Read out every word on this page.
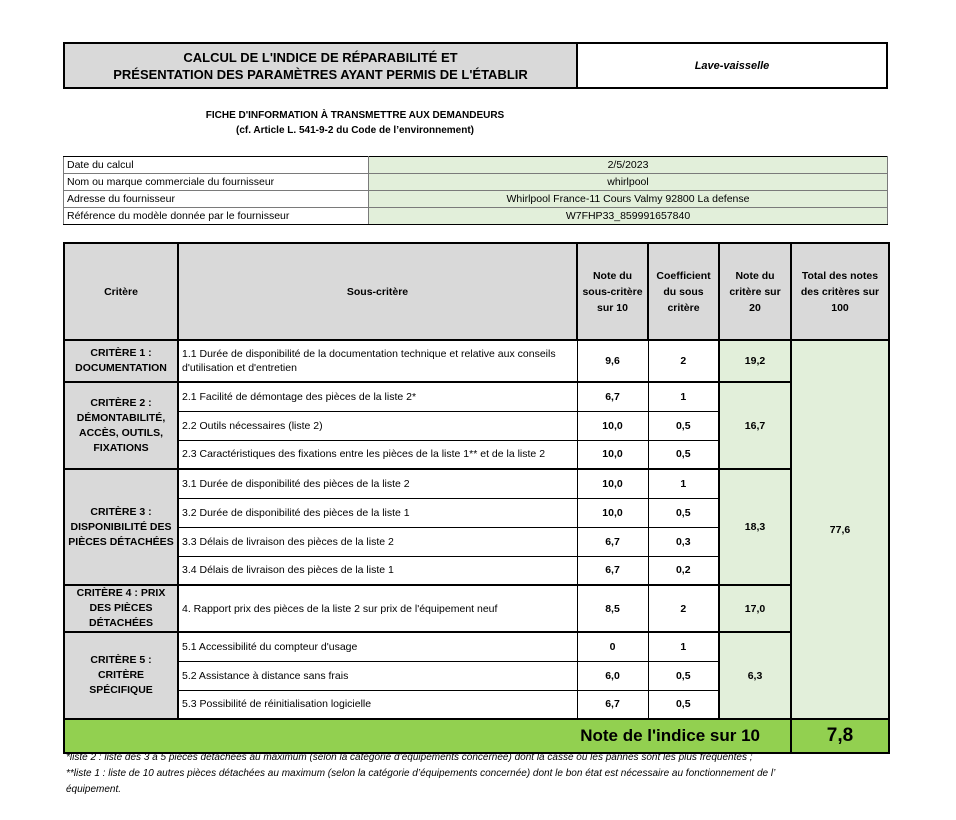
CALCUL DE L'INDICE DE RÉPARABILITÉ ET
PRÉSENTATION DES PARAMÈTRES AYANT PERMIS DE L'ÉTABLIR
Lave-vaisselle
FICHE D'INFORMATION À TRANSMETTRE AUX DEMANDEURS
(cf. Article L. 541-9-2 du Code de l’environnement)
Date du calcul	2/5/2023
Nom ou marque commerciale du fournisseur	whirlpool
Adresse du fournisseur	Whirlpool France-11 Cours Valmy 92800 La defense
Référence du modèle donnée par le fournisseur	W7FHP33_859991657840
Critère	Sous-critère	Note du sous-critère sur 10	Coefficient du sous critère	Note du critère sur 20	Total des notes des critères sur 100
CRITÈRE 1 : DOCUMENTATION	1.1 Durée de disponibilité de la documentation technique et relative aux conseils d'utilisation et d'entretien	9,6	2	19,2	77,6
CRITÈRE 2 : DÉMONTABILITÉ, ACCÈS, OUTILS, FIXATIONS	2.1 Facilité de démontage des pièces de la liste 2*	6,7	1	16,7	
	2.2 Outils nécessaires (liste 2)	10,0	0,5		
	2.3 Caractéristiques des fixations entre les pièces de la liste 1** et de la liste 2	10,0	0,5		
CRITÈRE 3 : DISPONIBILITÉ DES PIÈCES DÉTACHÉES	3.1 Durée de disponibilité des pièces de la liste 2	10,0	1	18,3	
	3.2 Durée de disponibilité des pièces de la liste 1	10,0	0,5		
	3.3 Délais de livraison des pièces de la liste 2	6,7	0,3		
	3.4 Délais de livraison des pièces de la liste 1	6,7	0,2		
CRITÈRE 4 : PRIX DES PIÈCES DÉTACHÉES	4. Rapport prix des pièces de la liste 2 sur prix de l'équipement neuf	8,5	2	17,0	
CRITÈRE 5 : CRITÈRE SPÉCIFIQUE	5.1 Accessibilité du compteur d'usage	0	1	6,3	
	5.2 Assistance à distance sans frais	6,0	0,5		
	5.3 Possibilité de réinitialisation logicielle	6,7	0,5		
Note de l'indice sur 10					7,8
*liste 2 : liste des 3 à 5 pièces détachées au maximum (selon la catégorie d’équipements concernée) dont la casse ou les pannes sont les plus fréquentes ;
**liste 1 : liste de 10 autres pièces détachées au maximum (selon la catégorie d’équipements concernée) dont le bon état est nécessaire au fonctionnement de l’
équipement.
